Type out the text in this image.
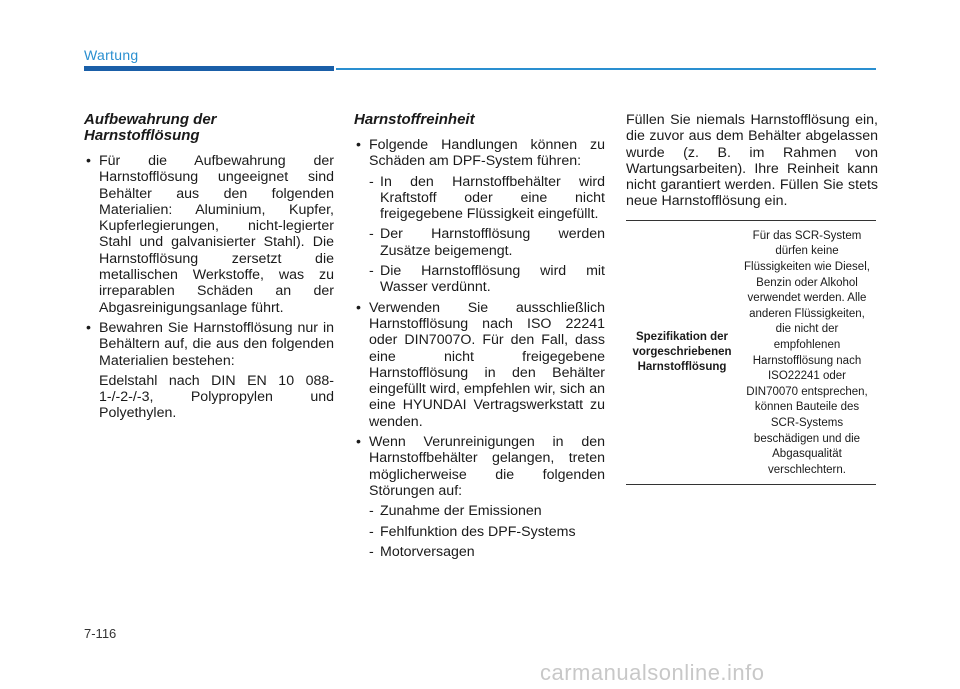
Wartung
Aufbewahrung der Harnstofflösung
• Für die Aufbewahrung der Harnstofflösung ungeeignet sind Behälter aus den folgenden Materialien: Aluminium, Kupfer, Kupferlegierungen, nicht-legierter Stahl und galvanisierter Stahl). Die Harnstofflösung zersetzt die metallischen Werkstoffe, was zu irreparablen Schäden an der Abgasreinigungsanlage führt.
• Bewahren Sie Harnstofflösung nur in Behältern auf, die aus den folgenden Materialien bestehen:
Edelstahl nach DIN EN 10 088-1-/-2-/-3, Polypropylen und Polyethylen.
Harnstoffreinheit
• Folgende Handlungen können zu Schäden am DPF-System führen:
- In den Harnstoffbehälter wird Kraftstoff oder eine nicht freigegebene Flüssigkeit eingefüllt.
- Der Harnstofflösung werden Zusätze beigemengt.
- Die Harnstofflösung wird mit Wasser verdünnt.
• Verwenden Sie ausschließlich Harnstofflösung nach ISO 22241 oder DIN7007O. Für den Fall, dass eine nicht freigegebene Harnstofflösung in den Behälter eingefüllt wird, empfehlen wir, sich an eine HYUNDAI Vertragswerkstatt zu wenden.
• Wenn Verunreinigungen in den Harnstoffbehälter gelangen, treten möglicherweise die folgenden Störungen auf:
- Zunahme der Emissionen
- Fehlfunktion des DPF-Systems
- Motorversagen
Füllen Sie niemals Harnstofflösung ein, die zuvor aus dem Behälter abgelassen wurde (z. B. im Rahmen von Wartungsarbeiten). Ihre Reinheit kann nicht garantiert werden. Füllen Sie stets neue Harnstofflösung ein.
Spezifikation der vorgeschriebenen Harnstofflösung
Für das SCR-System dürfen keine Flüssigkeiten wie Diesel, Benzin oder Alkohol verwendet werden. Alle anderen Flüssigkeiten, die nicht der empfohlenen Harnstofflösung nach ISO22241 oder DIN70070 entsprechen, können Bauteile des SCR-Systems beschädigen und die Abgasqualität verschlechtern.
7-116
carmanualsonline.info
